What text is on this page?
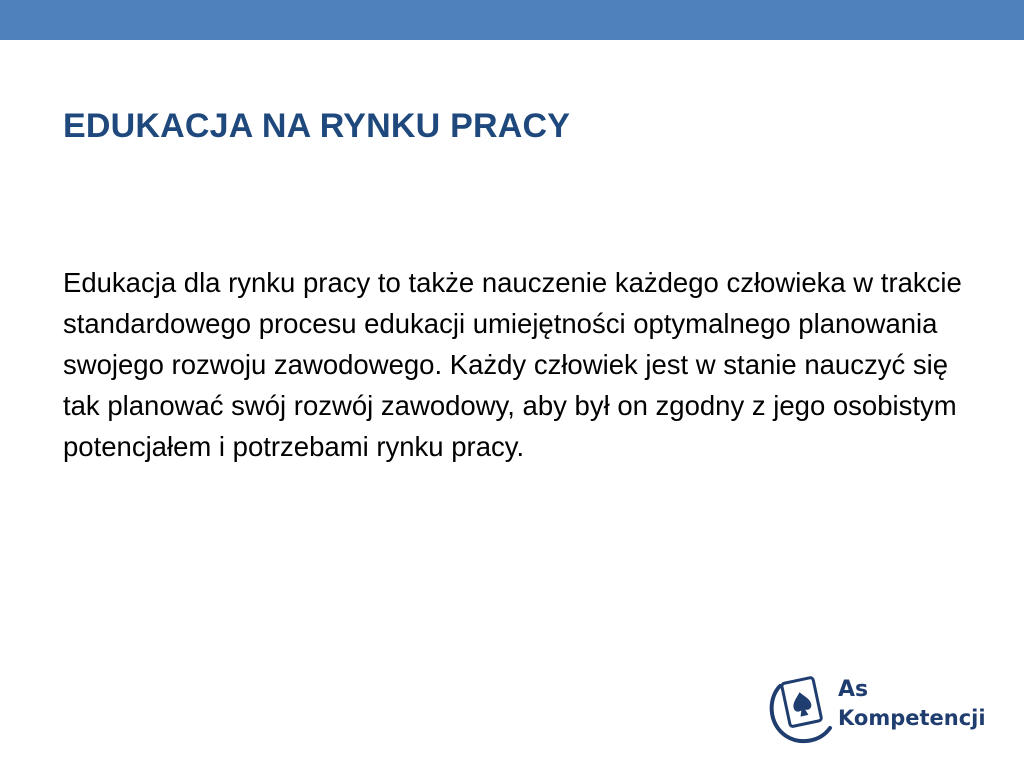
EDUKACJA NA RYNKU PRACY

Edukacja dla rynku pracy to także nauczenie każdego człowieka w trakcie standardowego procesu edukacji umiejętności optymalnego planowania swojego rozwoju zawodowego. Każdy człowiek jest w stanie nauczyć się tak planować swój rozwój zawodowy, aby był on zgodny z jego osobistym potencjałem i potrzebami rynku pracy.

As
Kompetencji
